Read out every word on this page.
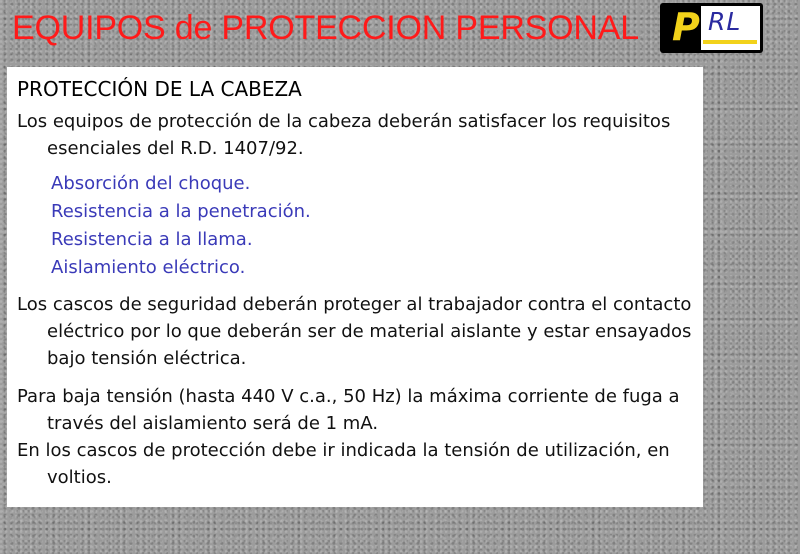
EQUIPOS de PROTECCION PERSONAL P RL
PROTECCIÓN DE LA CABEZA

Los equipos de protección de la cabeza deberán satisfacer los requisitos esenciales del R.D. 1407/92.

Absorción del choque.
Resistencia a la penetración.
Resistencia a la llama.
Aislamiento eléctrico.

Los cascos de seguridad deberán proteger al trabajador contra el contacto eléctrico por lo que deberán ser de material aislante y estar ensayados bajo tensión eléctrica.

Para baja tensión (hasta 440 V c.a., 50 Hz) la máxima corriente de fuga a través del aislamiento será de 1 mA.

En los cascos de protección debe ir indicada la tensión de utilización, en voltios.
